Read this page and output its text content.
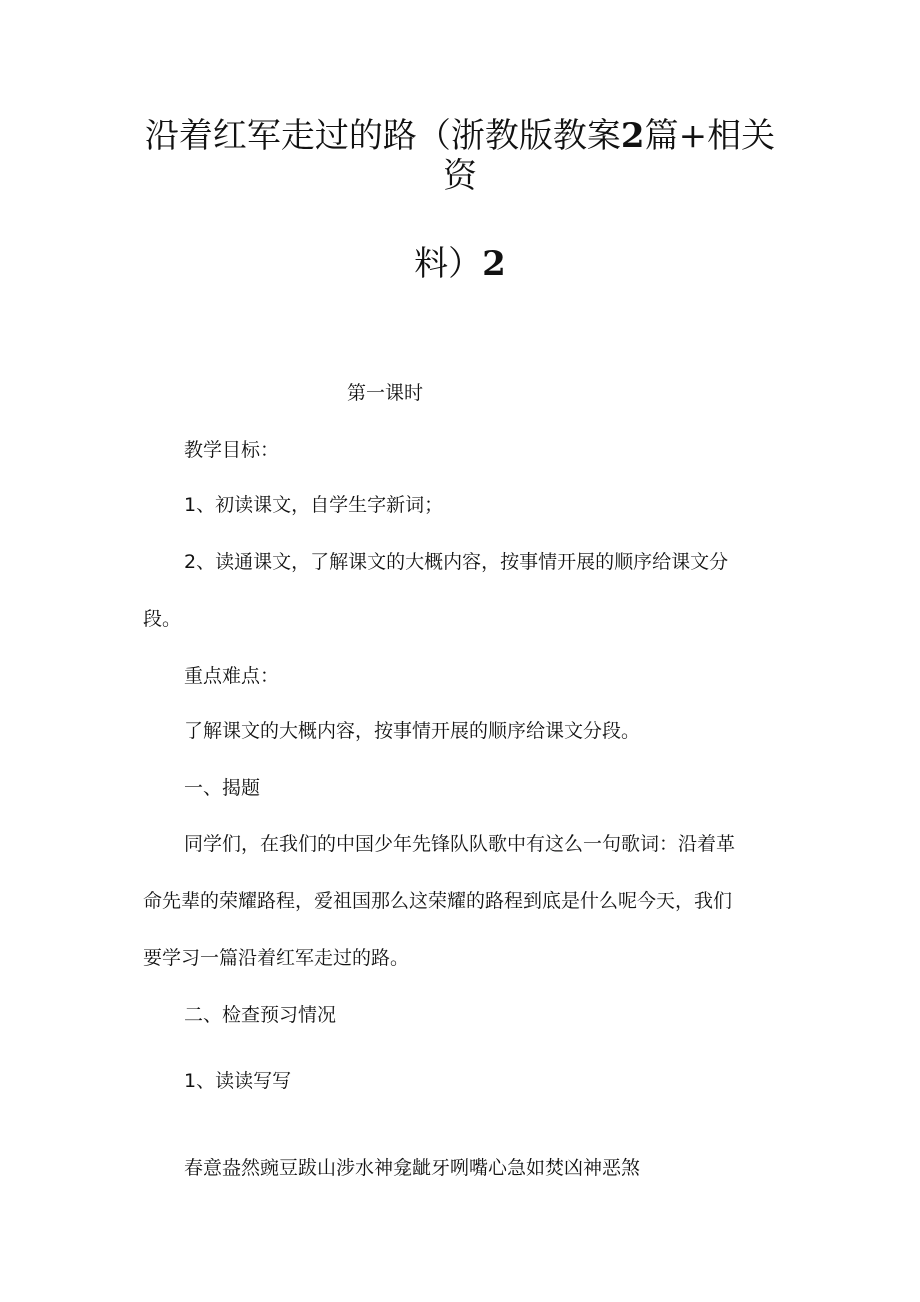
沿着红军走过的路（浙教版教案2篇+相关
资
料）2
第一课时
教学目标：
1、初读课文，自学生字新词；
2、读通课文，了解课文的大概内容，按事情开展的顺序给课文分
段。
重点难点：
了解课文的大概内容，按事情开展的顺序给课文分段。
一、揭题
同学们，在我们的中国少年先锋队队歌中有这么一句歌词：沿着革
命先辈的荣耀路程，爱祖国那么这荣耀的路程到底是什么呢今天，我们
要学习一篇沿着红军走过的路。
二、检查预习情况
1、读读写写
春意盎然豌豆跋山涉水神龛龇牙咧嘴心急如焚凶神恶煞
